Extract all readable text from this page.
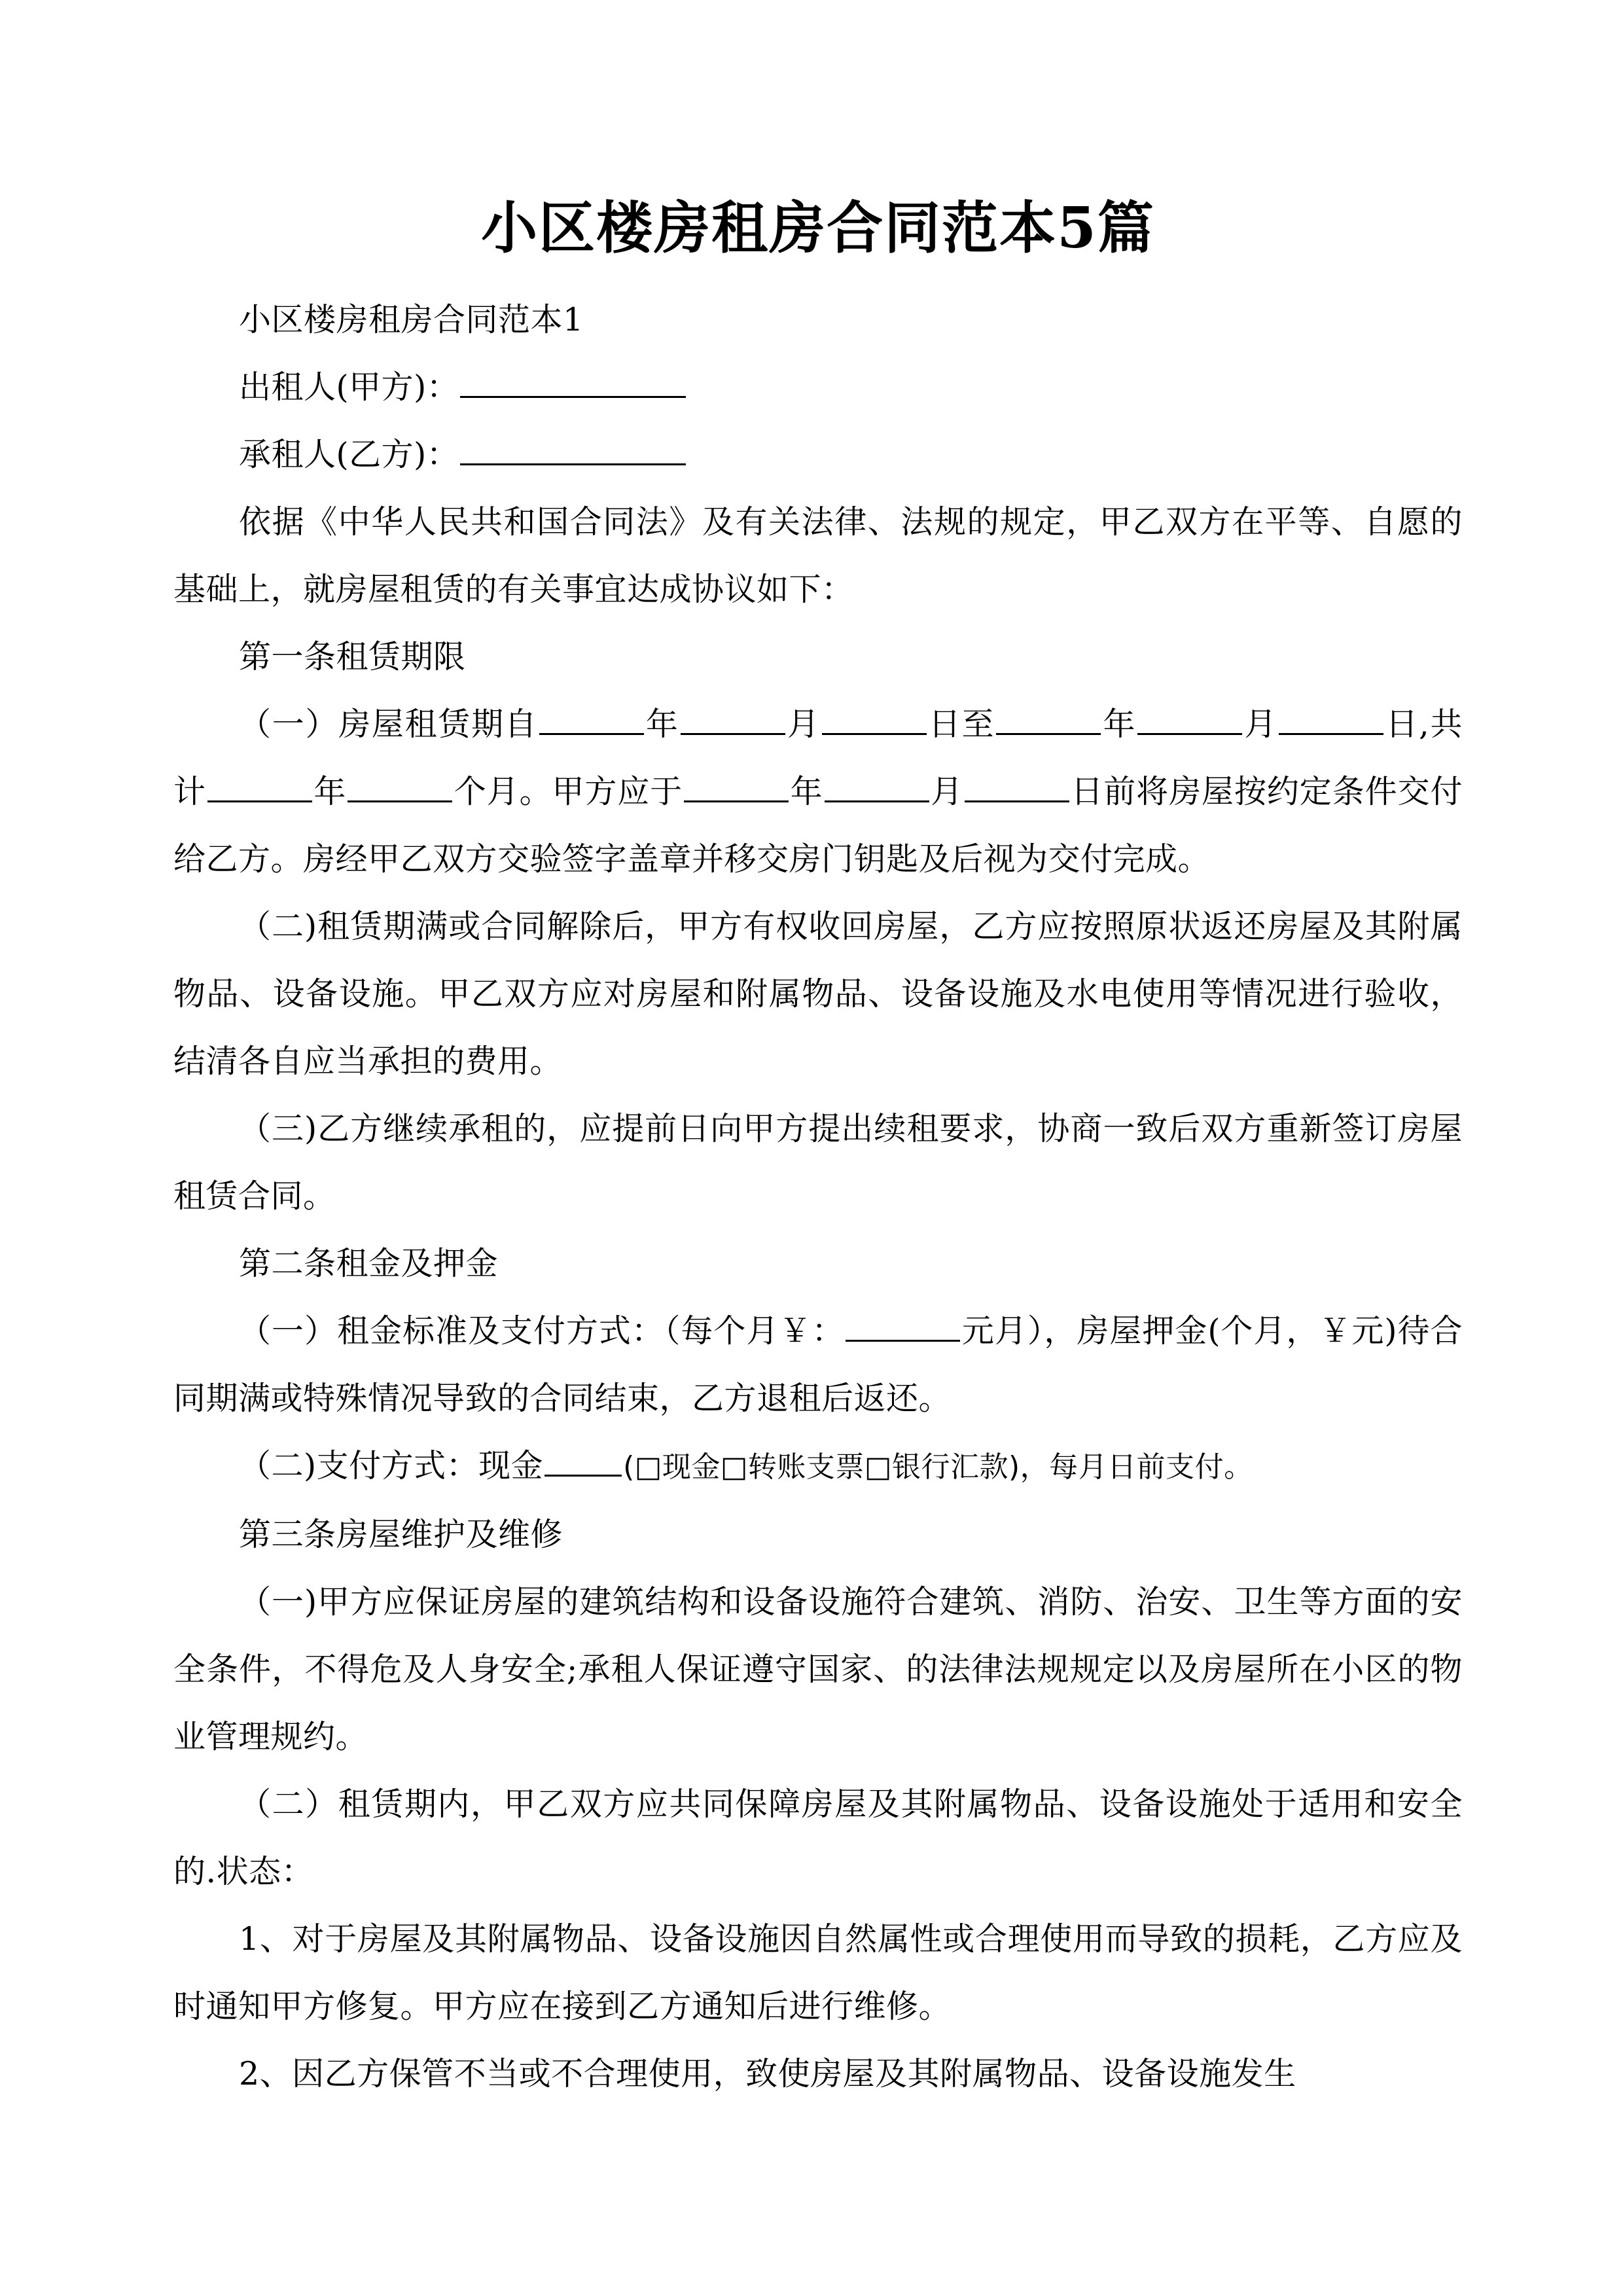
小区楼房租房合同范本5篇

小区楼房租房合同范本1

出租人(甲方)：

承租人(乙方)：

依据《中华人民共和国合同法》及有关法律、法规的规定，甲乙双方在平等、自愿的基础上，就房屋租赁的有关事宜达成协议如下：

第一条租赁期限

（一）房屋租赁期自	年	月	日至	年	月	日,共计	年	个月。甲方应于	年	月	日前将房屋按约定条件交付给乙方。房经甲乙双方交验签字盖章并移交房门钥匙及后视为交付完成。

（二)租赁期满或合同解除后，甲方有权收回房屋，乙方应按照原状返还房屋及其附属物品、设备设施。甲乙双方应对房屋和附属物品、设备设施及水电使用等情况进行验收，结清各自应当承担的费用。

（三)乙方继续承租的，应提前日向甲方提出续租要求，协商一致后双方重新签订房屋租赁合同。

第二条租金及押金

（一）租金标准及支付方式：（每个月￥：	元月），房屋押金(个月，￥元)待合同期满或特殊情况导致的合同结束，乙方退租后返还。

（二)支付方式：现金	(□现金□转账支票□银行汇款)，每月日前支付。

第三条房屋维护及维修

（一)甲方应保证房屋的建筑结构和设备设施符合建筑、消防、治安、卫生等方面的安全条件，不得危及人身安全;承租人保证遵守国家、的法律法规规定以及房屋所在小区的物业管理规约。

（二）租赁期内，甲乙双方应共同保障房屋及其附属物品、设备设施处于适用和安全的.状态：

1、对于房屋及其附属物品、设备设施因自然属性或合理使用而导致的损耗，乙方应及时通知甲方修复。甲方应在接到乙方通知后进行维修。

2、因乙方保管不当或不合理使用，致使房屋及其附属物品、设备设施发生
